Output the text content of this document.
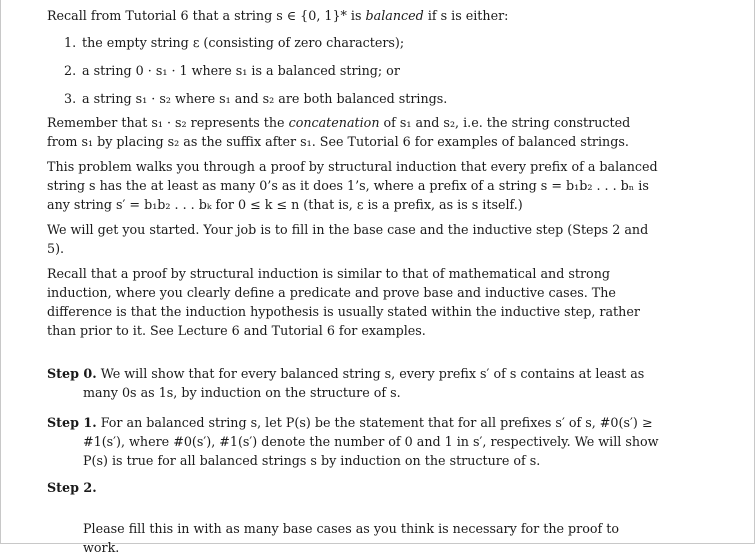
Recall from Tutorial 6 that a string s ∈ {0, 1}* is balanced if s is either:

1. the empty string ε (consisting of zero characters);
2. a string 0 · s₁ · 1 where s₁ is a balanced string; or
3. a string s₁ · s₂ where s₁ and s₂ are both balanced strings.

Remember that s₁ · s₂ represents the concatenation of s₁ and s₂, i.e. the string constructed from s₁ by placing s₂ as the suffix after s₁. See Tutorial 6 for examples of balanced strings.

This problem walks you through a proof by structural induction that every prefix of a balanced string s has the at least as many 0’s as it does 1’s, where a prefix of a string s = b₁b₂ . . . bₙ is any string s′ = b₁b₂ . . . bₖ for 0 ≤ k ≤ n (that is, ε is a prefix, as is s itself.)

We will get you started. Your job is to fill in the base case and the inductive step (Steps 2 and 5).

Recall that a proof by structural induction is similar to that of mathematical and strong induction, where you clearly define a predicate and prove base and inductive cases. The difference is that the induction hypothesis is usually stated within the inductive step, rather than prior to it. See Lecture 6 and Tutorial 6 for examples.

Step 0. We will show that for every balanced string s, every prefix s′ of s contains at least as

many 0s as 1s, by induction on the structure of s.

Step 1. For an balanced string s, let P(s) be the statement that for all prefixes s′ of s, #0(s′) ≥

#1(s′), where #0(s′), #1(s′) denote the number of 0 and 1 in s′, respectively. We will show P(s) is true for all balanced strings s by induction on the structure of s.

Step 2.

Please fill this in with as many base cases as you think is necessary for the proof to work.
